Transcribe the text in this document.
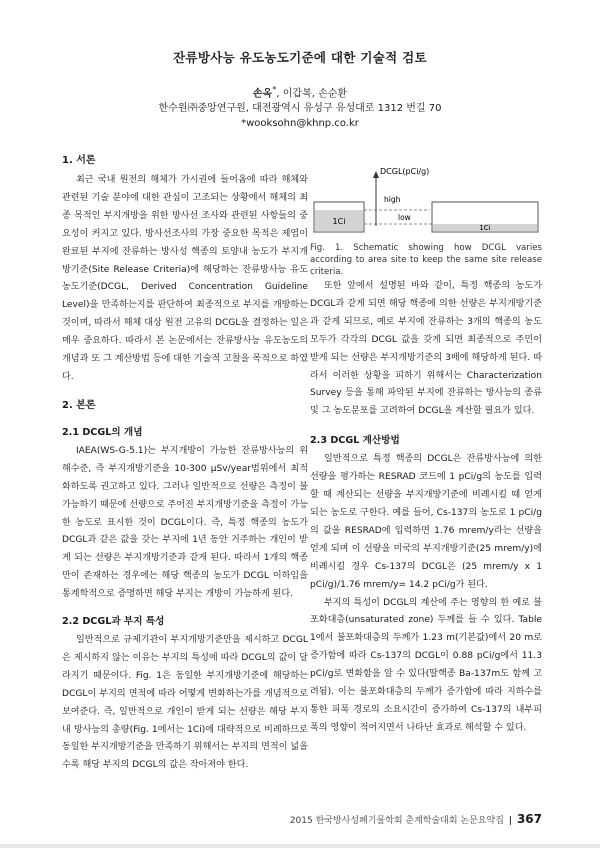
잔류방사능 유도농도기준에 대한 기술적 검토
손옥*, 이갑복, 손순환
한수원㈜중앙연구원, 대전광역시 유성구 유성대로 1312 번길 70
*wooksohn@khnp.co.kr

1. 서론

최근 국내 원전의 해체가 가시권에 들어옴에 따라 해체와 관련된 기술 분야에 대한 관심이 고조되는 상황에서 해체의 최종 목적인 부지개방을 위한 방사선 조사와 관련된 사항들의 중요성이 커지고 있다. 방사선조사의 가장 중요한 목적은 제염이 완료된 부지에 잔류하는 방사성 핵종의 토양내 농도가 부지개방기준(Site Release Criteria)에 해당하는 잔류방사능 유도농도기준(DCGL, Derived Concentration Guideline Level)을 만족하는지를 판단하여 최종적으로 부지를 개방하는 것이며, 따라서 해체 대상 원전 고유의 DCGL을 결정하는 일은 매우 중요하다. 따라서 본 논문에서는 잔류방사능 유도농도의 개념과 또 그 계산방법 등에 대한 기술적 고찰을 목적으로 하였다.

2. 본론

2.1 DCGL의 개념

IAEA(WS-G-5.1)는 부지개방이 가능한 잔류방사능의 위해수준, 즉 부지개방기준을 10-300 μSv/year범위에서 최적화하도록 권고하고 있다. 그러나 일반적으로 선량은 측정이 불가능하기 때문에 선량으로 주어진 부지개방기준을 측정이 가능한 농도로 표시한 것이 DCGL이다. 즉, 특정 핵종의 농도가 DCGL과 같은 값을 갖는 부지에 1년 동안 거주하는 개인이 받게 되는 선량은 부지개방기준과 같게 된다. 따라서 1개의 핵종만이 존재하는 경우에는 해당 핵종의 농도가 DCGL 이하임을 통계학적으로 증명하면 해당 부지는 개방이 가능하게 된다.

2.2 DCGL과 부지 특성

일반적으로 규제기관이 부지개방기준만을 제시하고 DCGL은 제시하지 않는 이유는 부지의 특성에 따라 DCGL의 값이 달라지기 때문이다. Fig. 1은 동일한 부지개방기준에 해당하는 DCGL이 부지의 면적에 따라 어떻게 변화하는가를 개념적으로 보여준다. 즉, 일반적으로 개인이 받게 되는 선량은 해당 부지내 방사능의 총량(Fig. 1에서는 1Ci)에 대략적으로 비례하므로 동일한 부지개방기준을 만족하기 위해서는 부지의 면적이 넓을수록 해당 부지의 DCGL의 값은 작아져야 한다.

1Ci
1Ci
DCGL(pCi/g)
high
low

Fig. 1. Schematic showing how DCGL varies according to area site to keep the same site release criteria.

또한 앞에서 설명된 바와 같이, 특정 핵종의 농도가 DCGL과 같게 되면 해당 핵종에 의한 선량은 부지개방기준과 같게 되므로, 예로 부지에 잔류하는 3개의 핵종의 농도 모두가 각각의 DCGL 값을 갖게 되면 최종적으로 주민이 받게 되는 선량은 부지개방기준의 3배에 해당하게 된다. 따라서 이러한 상황을 피하기 위해서는 Characterization Survey 등을 통해 파악된 부지에 잔류하는 방사능의 종류 및 그 농도분포를 고려하여 DCGL을 계산할 필요가 있다.

2.3 DCGL 계산방법

일반적으로 특정 핵종의 DCGL은 잔류방사능에 의한 선량을 평가하는 RESRAD 코드에 1 pCi/g의 농도를 입력할 때 계산되는 선량을 부지개방기준에 비례시킬 때 얻게 되는 농도로 구한다. 예를 들어, Cs-137의 농도로 1 pCi/g의 값을 RESRAD에 입력하면 1.76 mrem/y라는 선량을 얻게 되며 이 선량을 미국의 부지개방기준(25 mrem/y)에 비례시킬 경우 Cs-137의 DCGL은 (25 mrem/y x 1 pCi/g)/1.76 mrem/y= 14.2 pCi/g가 된다.

부지의 특성이 DCGL의 계산에 주는 영향의 한 예로 불포화대층(unsaturated zone) 두께를 들 수 있다. Table 1에서 불포화대층의 두께가 1.23 m(기본값)에서 20 m로 증가함에 따라 Cs-137의 DCGL이 0.88 pCi/g에서 11.3 pCi/g로 변화함을 알 수 있다(딸핵종 Ba-137m도 함께 고려됨). 이는 불포화대층의 두께가 증가함에 따라 지하수를 통한 피폭 경로의 소요시간이 증가하여 Cs-137의 내부피폭의 영향이 적어지면서 나타난 효과로 해석할 수 있다.

2015 한국방사성폐기물학회 춘계학술대회 논문요약집 | 367
